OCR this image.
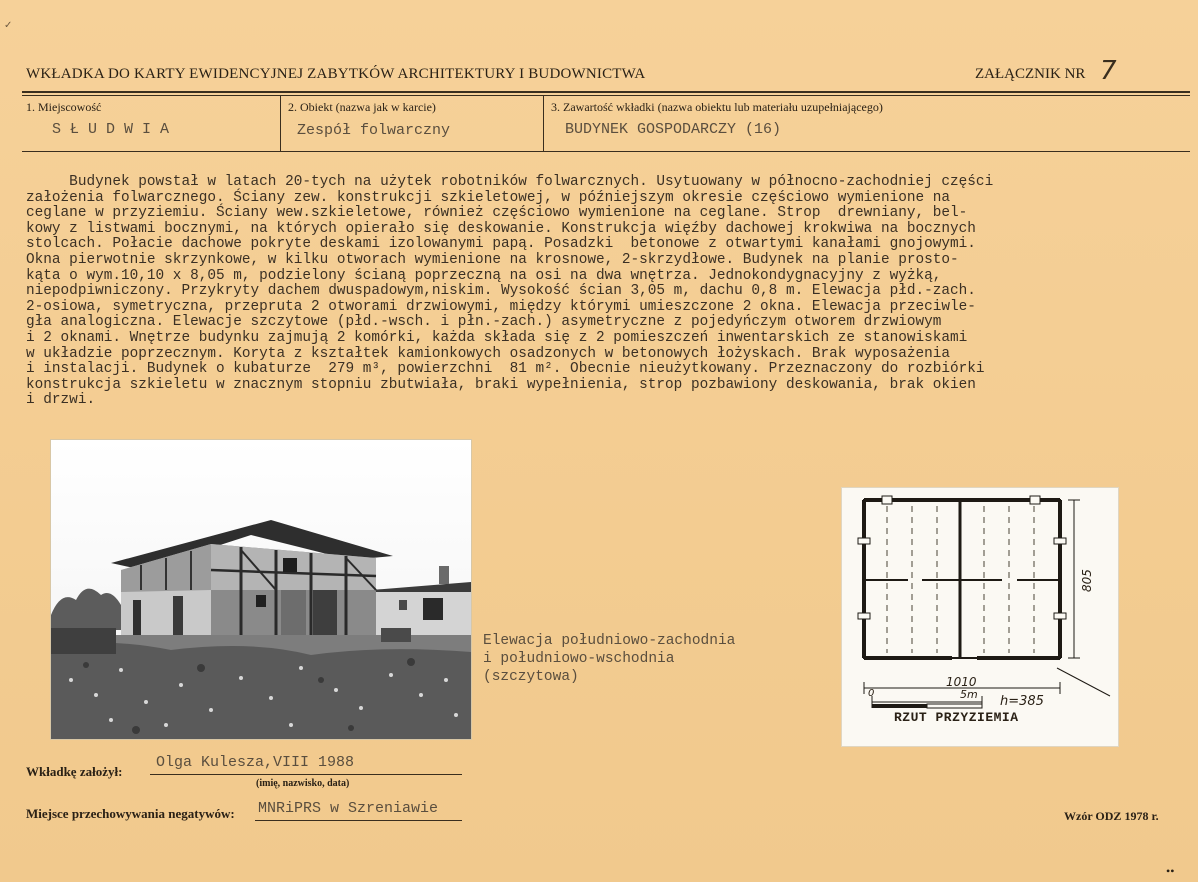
✓
WKŁADKA DO KARTY EWIDENCYJNEJ ZABYTKÓW ARCHITEKTURY I BUDOWNICTWA	ZAŁĄCZNIK NR 7
1. Miejscowość
SŁUDWIA
2. Obiekt (nazwa jak w karcie)
Zespół folwarczny
3. Zawartość wkładki (nazwa obiektu lub materiału uzupełniającego)
BUDYNEK GOSPODARCZY (16)
Budynek powstał w latach 20-tych na użytek robotników folwarcznych. Usytuowany w północno-zachodniej części
założenia folwarcznego. Ściany zew. konstrukcji szkieletowej, w późniejszym okresie częściowo wymienione na
ceglane w przyziemiu. Ściany wew.szkieletowe, również częściowo wymienione na ceglane. Strop  drewniany, bel-
kowy z listwami bocznymi, na których opierało się deskowanie. Konstrukcja więźby dachowej krokwiwa na bocznych
stolcach. Połacie dachowe pokryte deskami izolowanymi papą. Posadzki  betonowe z otwartymi kanałami gnojowymi.
Okna pierwotnie skrzynkowe, w kilku otworach wymienione na krosnowe, 2-skrzydłowe. Budynek na planie prosto-
kąta o wym.10,10 x 8,05 m, podzielony ścianą poprzeczną na osi na dwa wnętrza. Jednokondygnacyjny z wyżką,
niepodpiwniczony. Przykryty dachem dwuspadowym,niskim. Wysokość ścian 3,05 m, dachu 0,8 m. Elewacja płd.-zach.
2-osiowa, symetryczna, przepruta 2 otworami drzwiowymi, między którymi umieszczone 2 okna. Elewacja przeciwle-
gła analogiczna. Elewacje szczytowe (płd.-wsch. i płn.-zach.) asymetryczne z pojedyńczym otworem drzwiowym
i 2 oknami. Wnętrze budynku zajmują 2 komórki, każda składa się z 2 pomieszczeń inwentarskich ze stanowiskami
w układzie poprzecznym. Koryta z kształtek kamionkowych osadzonych w betonowych łożyskach. Brak wyposażenia
i instalacji. Budynek o kubaturze  279 m³, powierzchni  81 m². Obecnie nieużytkowany. Przeznaczony do rozbiórki
konstrukcja szkieletu w znacznym stopniu zbutwiała, braki wypełnienia, strop pozbawiony deskowania, brak okien
i drzwi.
Elewacja południowo-zachodnia
i południowo-wschodnia
(szczytowa)
805
1010
0	5m h=385
RZUT PRZYZIEMIA
Wkładkę założył:
Olga Kulesza,VIII 1988
(imię, nazwisko, data)
Miejsce przechowywania negatywów: MNRiPRS w Szreniawie	Wzór ODZ 1978 r.
••
